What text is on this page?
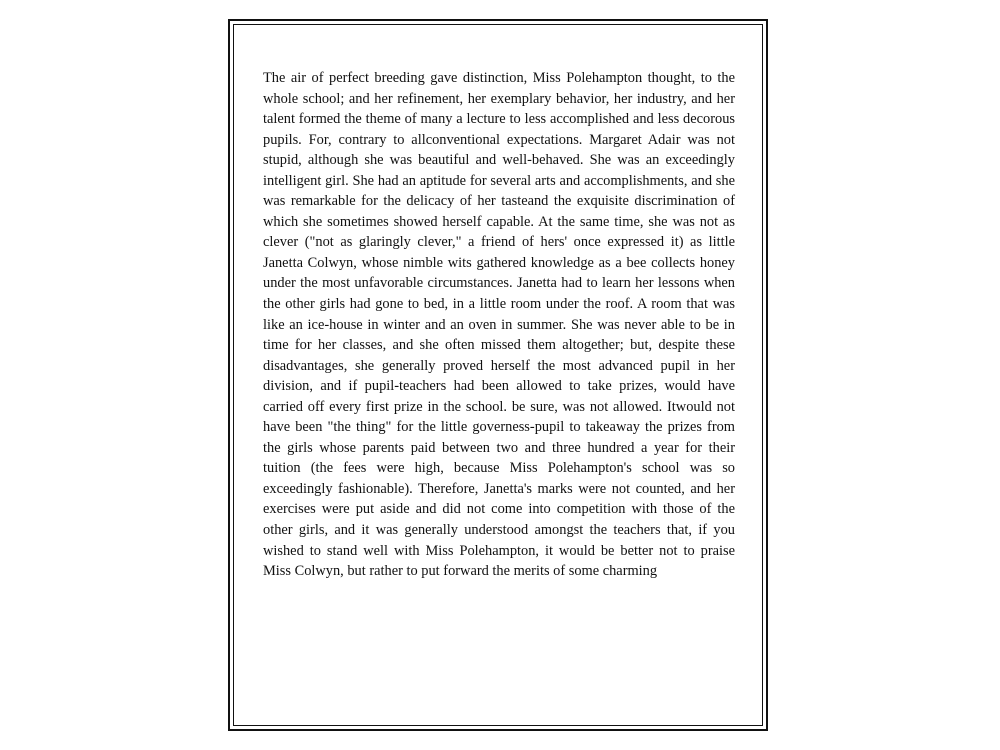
The air of perfect breeding gave distinction, Miss Polehampton thought, to the whole school; and her refinement, her exemplary behavior, her industry, and her talent formed the theme of many a lecture to less accomplished and less decorous pupils. For, contrary to allconventional expectations. Margaret Adair was not stupid, although she was beautiful and well-behaved. She was an exceedingly intelligent girl. She had an aptitude for several arts and accomplishments, and she was remarkable for the delicacy of her tasteand the exquisite discrimination of which she sometimes showed herself capable. At the same time, she was not as clever ("not as glaringly clever," a friend of hers' once expressed it) as little Janetta Colwyn, whose nimble wits gathered knowledge as a bee collects honey under the most unfavorable circumstances. Janetta had to learn her lessons when the other girls had gone to bed, in a little room under the roof. A room that was like an ice-house in winter and an oven in summer. She was never able to be in time for her classes, and she often missed them altogether; but, despite these disadvantages, she generally proved herself the most advanced pupil in her division, and if pupil-teachers had been allowed to take prizes, would have carried off every first prize in the school. be sure, was not allowed. Itwould not have been "the thing" for the little governess-pupil to takeaway the prizes from the girls whose parents paid between two and three hundred a year for their tuition (the fees were high, because Miss Polehampton's school was so exceedingly fashionable). Therefore, Janetta's marks were not counted, and her exercises were put aside and did not come into competition with those of the other girls, and it was generally understood amongst the teachers that, if you wished to stand well with Miss Polehampton, it would be better not to praise Miss Colwyn, but rather to put forward the merits of some charming
